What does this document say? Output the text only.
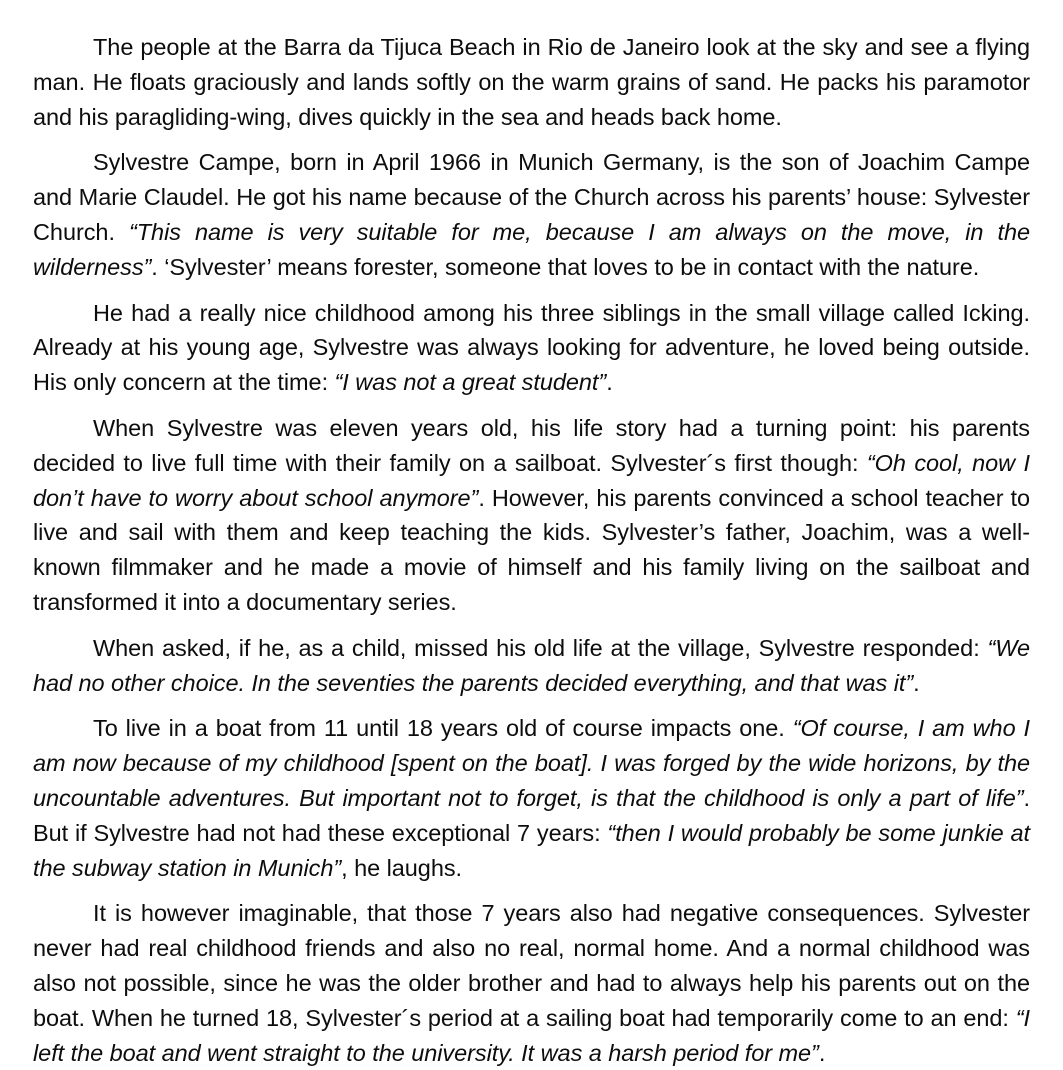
The people at the Barra da Tijuca Beach in Rio de Janeiro look at the sky and see a flying man. He floats graciously and lands softly on the warm grains of sand. He packs his paramotor and his paragliding-wing, dives quickly in the sea and heads back home.

Sylvestre Campe, born in April 1966 in Munich Germany, is the son of Joachim Campe and Marie Claudel. He got his name because of the Church across his parents’ house: Sylvester Church. “This name is very suitable for me, because I am always on the move, in the wilderness”. ‘Sylvester’ means forester, someone that loves to be in contact with the nature.

He had a really nice childhood among his three siblings in the small village called Icking. Already at his young age, Sylvestre was always looking for adventure, he loved being outside. His only concern at the time: “I was not a great student”.

When Sylvestre was eleven years old, his life story had a turning point: his parents decided to live full time with their family on a sailboat. Sylvester´s first though: “Oh cool, now I don’t have to worry about school anymore”. However, his parents convinced a school teacher to live and sail with them and keep teaching the kids. Sylvester’s father, Joachim, was a well-known filmmaker and he made a movie of himself and his family living on the sailboat and transformed it into a documentary series.

When asked, if he, as a child, missed his old life at the village, Sylvestre responded: “We had no other choice. In the seventies the parents decided everything, and that was it”.

To live in a boat from 11 until 18 years old of course impacts one. “Of course, I am who I am now because of my childhood [spent on the boat]. I was forged by the wide horizons, by the uncountable adventures. But important not to forget, is that the childhood is only a part of life”. But if Sylvestre had not had these exceptional 7 years: “then I would probably be some junkie at the subway station in Munich”, he laughs.

It is however imaginable, that those 7 years also had negative consequences. Sylvester never had real childhood friends and also no real, normal home. And a normal childhood was also not possible, since he was the older brother and had to always help his parents out on the boat. When he turned 18, Sylvester´s period at a sailing boat had temporarily come to an end: “I left the boat and went straight to the university. It was a harsh period for me”.
